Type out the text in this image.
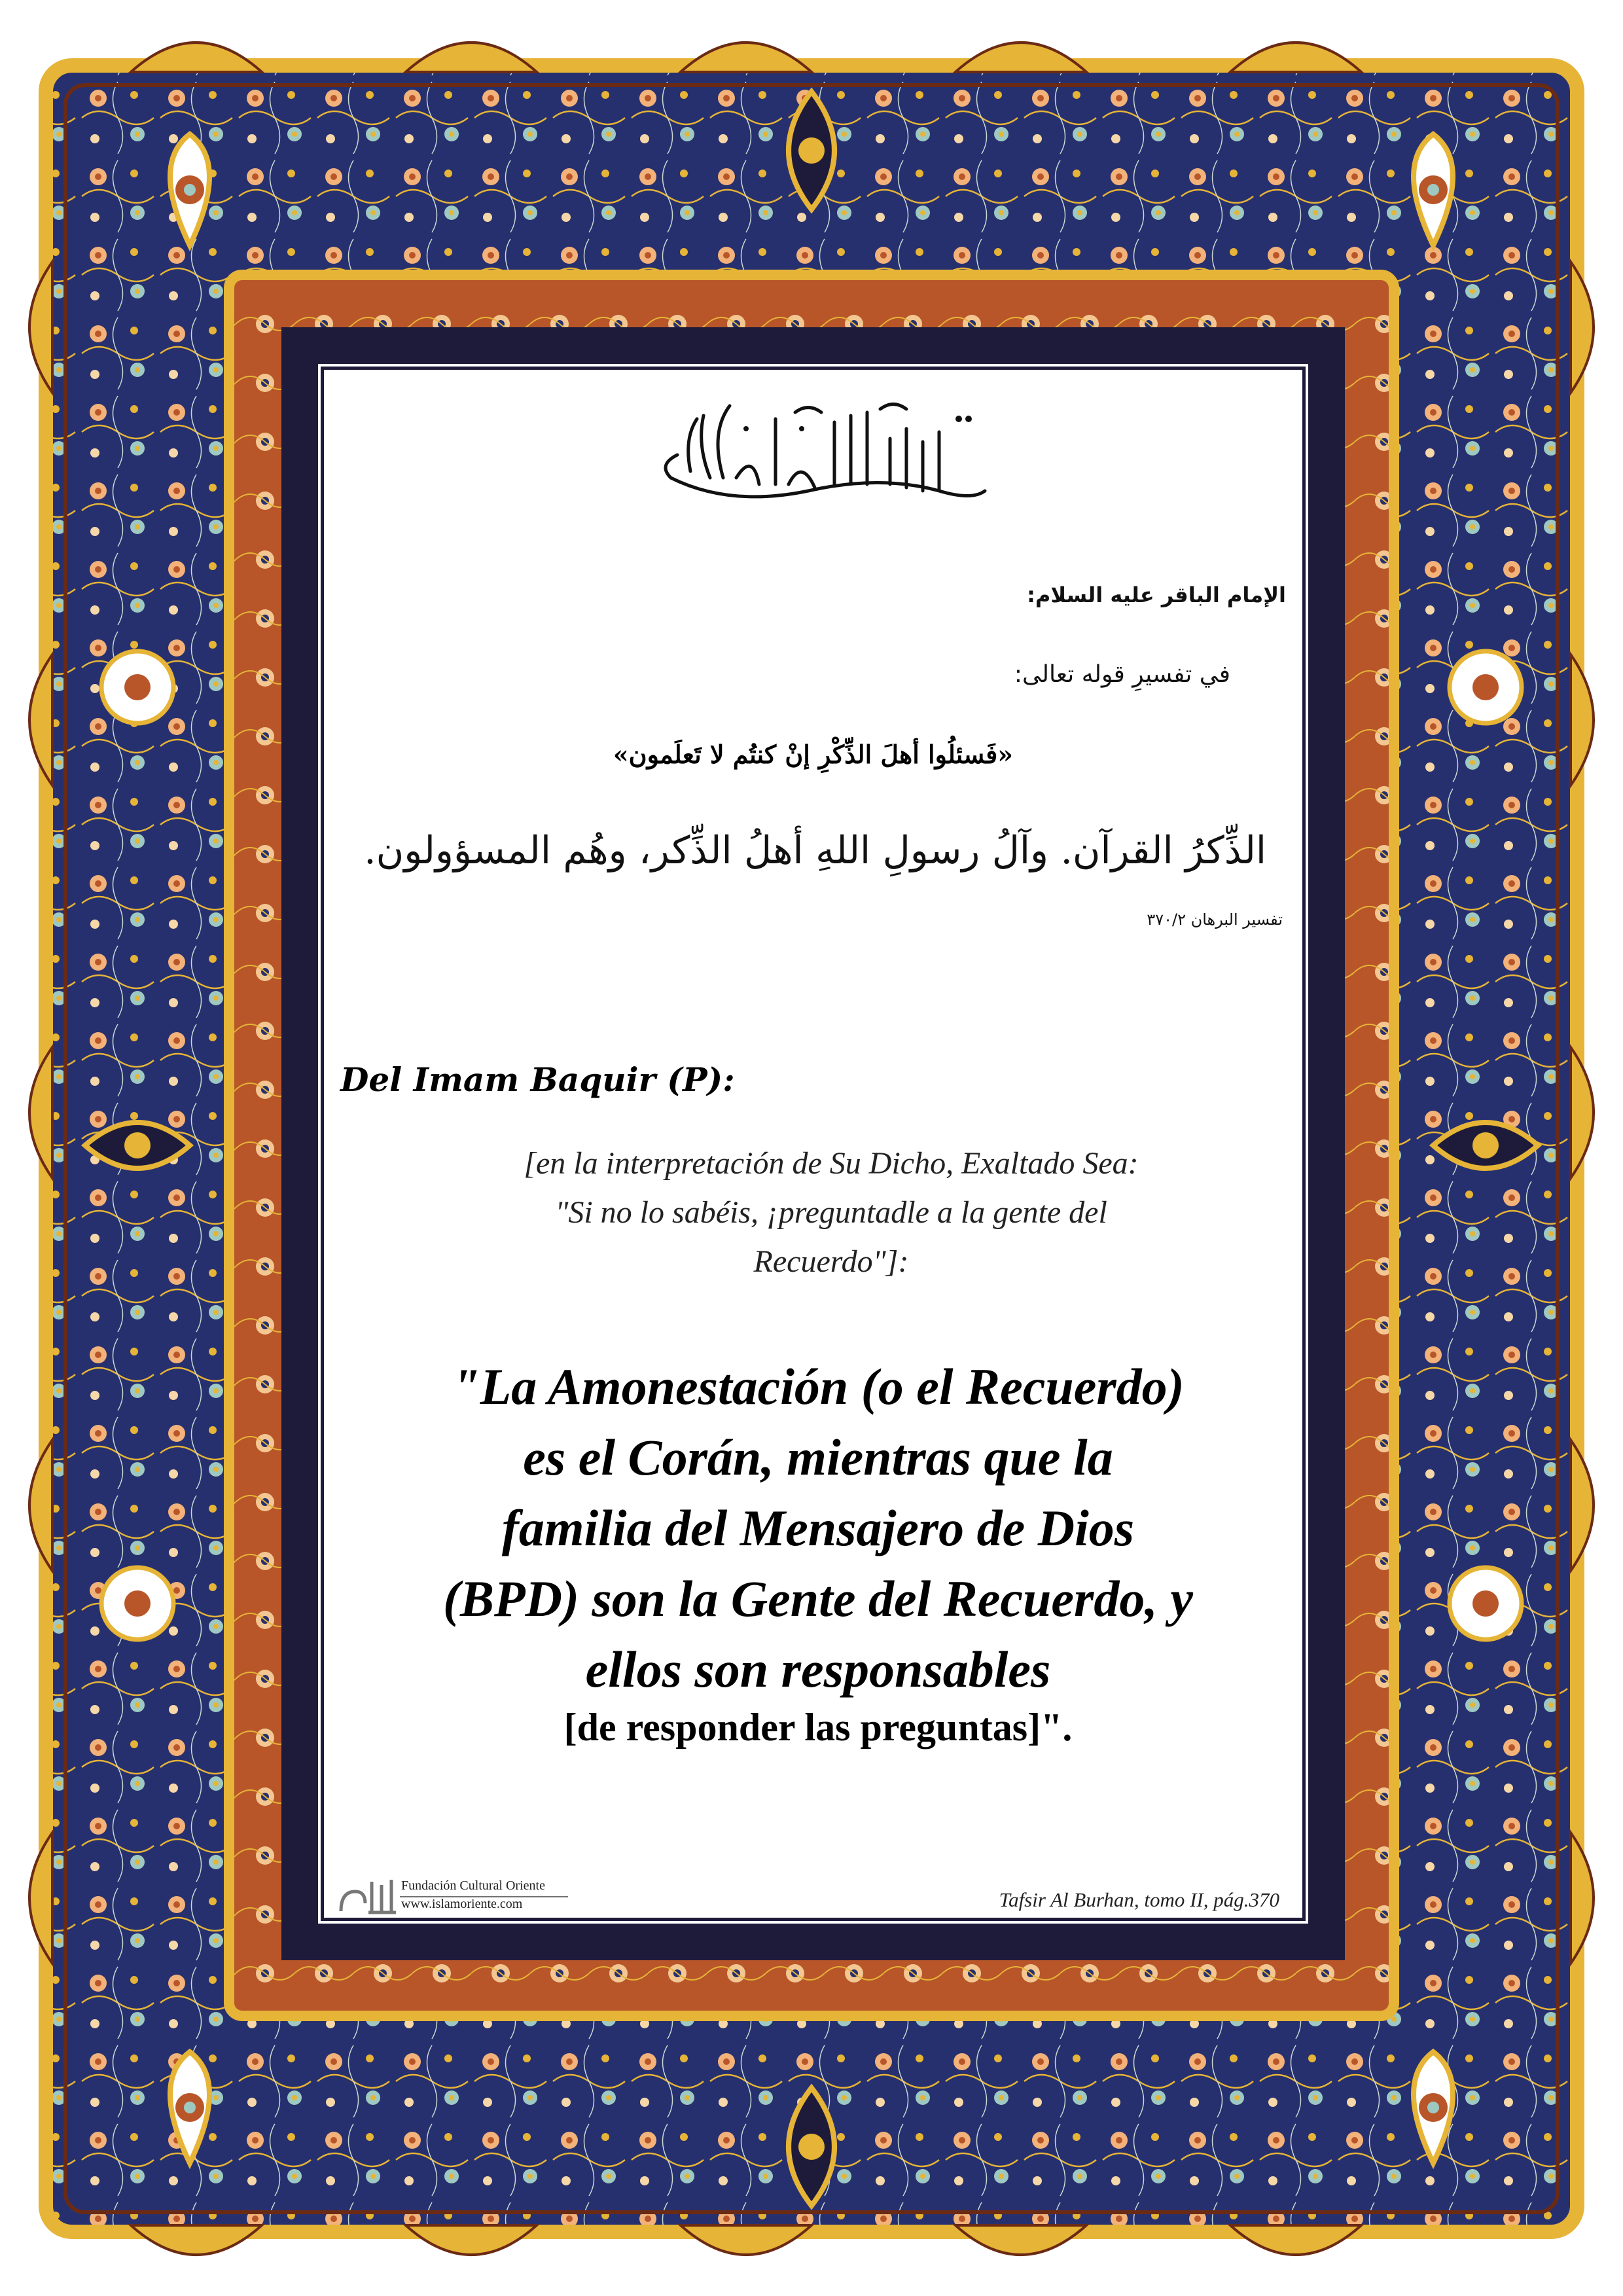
الإمام الباقر عليه السلام:
في تفسيرِ قوله تعالى:
«فَسئلُوا أهلَ الذِّكْرِ إنْ كنتُم لا تَعلَمون»
الذِّكرُ القرآن. وآلُ رسولِ اللهِ أهلُ الذِّكر، وهُم المسؤولون.
تفسير البرهان ٣٧٠/٢
Del Imam Baquir (P):
[en la interpretación de Su Dicho, Exaltado Sea:
"Si no lo sabéis, ¡preguntadle a la gente del
Recuerdo"]:
"La Amonestación (o el Recuerdo)
es el Corán, mientras que la
familia del Mensajero de Dios
(BPD) son la Gente del Recuerdo, y
ellos son responsables
[de responder las preguntas]".
Fundación Cultural Oriente
www.islamoriente.com	Tafsir Al Burhan, tomo II, pág.370
